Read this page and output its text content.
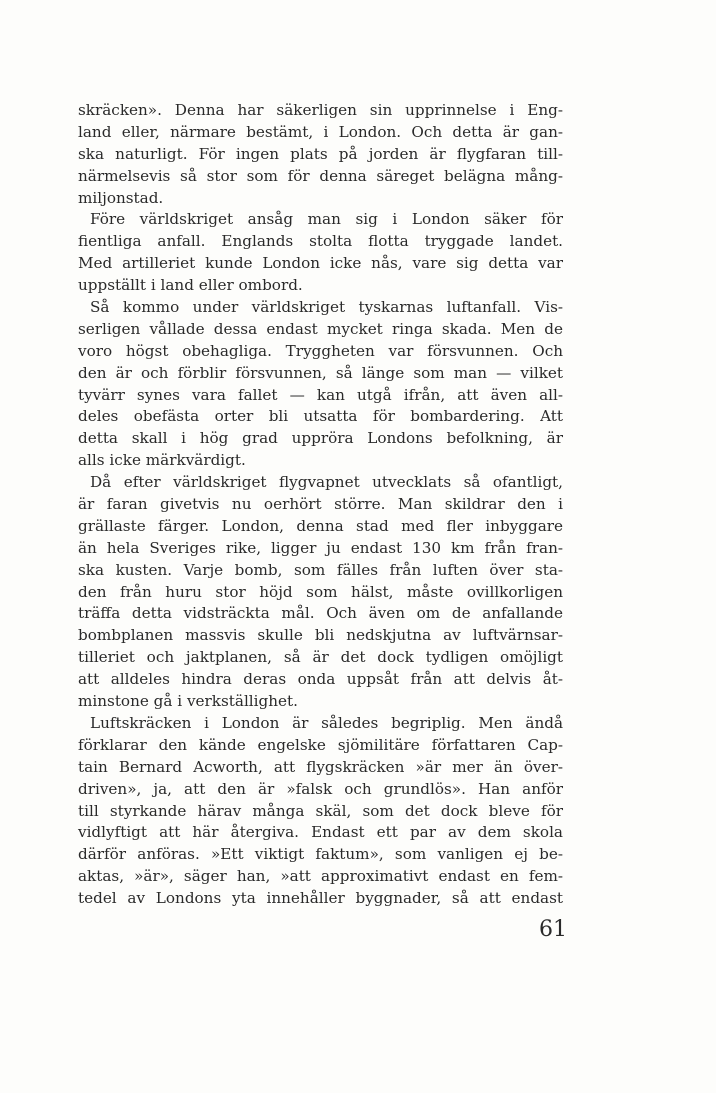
skräcken». Denna har säkerligen sin upprinnelse i Eng-
land eller, närmare bestämt, i London. Och detta är gan-
ska naturligt. För ingen plats på jorden är flygfaran till-
närmelsevis så stor som för denna säreget belägna mång-
miljonstad.

Före världskriget ansåg man sig i London säker för
fientliga anfall. Englands stolta flotta tryggade landet.
Med artilleriet kunde London icke nås, vare sig detta var
uppställt i land eller ombord.

Så kommo under världskriget tyskarnas luftanfall. Vis-
serligen vållade dessa endast mycket ringa skada. Men de
voro högst obehagliga. Tryggheten var försvunnen. Och
den är och förblir försvunnen, så länge som man — vilket
tyvärr synes vara fallet — kan utgå ifrån, att även all-
deles obefästa orter bli utsatta för bombardering. Att
detta skall i hög grad uppröra Londons befolkning, är
alls icke märkvärdigt.

Då efter världskriget flygvapnet utvecklats så ofantligt,
är faran givetvis nu oerhört större. Man skildrar den i
grällaste färger. London, denna stad med fler inbyggare
än hela Sveriges rike, ligger ju endast 130 km från fran-
ska kusten. Varje bomb, som fälles från luften över sta-
den från huru stor höjd som hälst, måste ovillkorligen
träffa detta vidsträckta mål. Och även om de anfallande
bombplanen massvis skulle bli nedskjutna av luftvärnsar-
tilleriet och jaktplanen, så är det dock tydligen omöjligt
att alldeles hindra deras onda uppsåt från att delvis åt-
minstone gå i verkställighet.

Luftskräcken i London är således begriplig. Men ändå
förklarar den kände engelske sjömilitäre författaren Cap-
tain Bernard Acworth, att flygskräcken »är mer än över-
driven», ja, att den är »falsk och grundlös». Han anför
till styrkande härav många skäl, som det dock bleve för
vidlyftigt att här återgiva. Endast ett par av dem skola
därför anföras. »Ett viktigt faktum», som vanligen ej be-
aktas, »är», säger han, »att approximativt endast en fem-
tedel av Londons yta innehåller byggnader, så att endast

61
